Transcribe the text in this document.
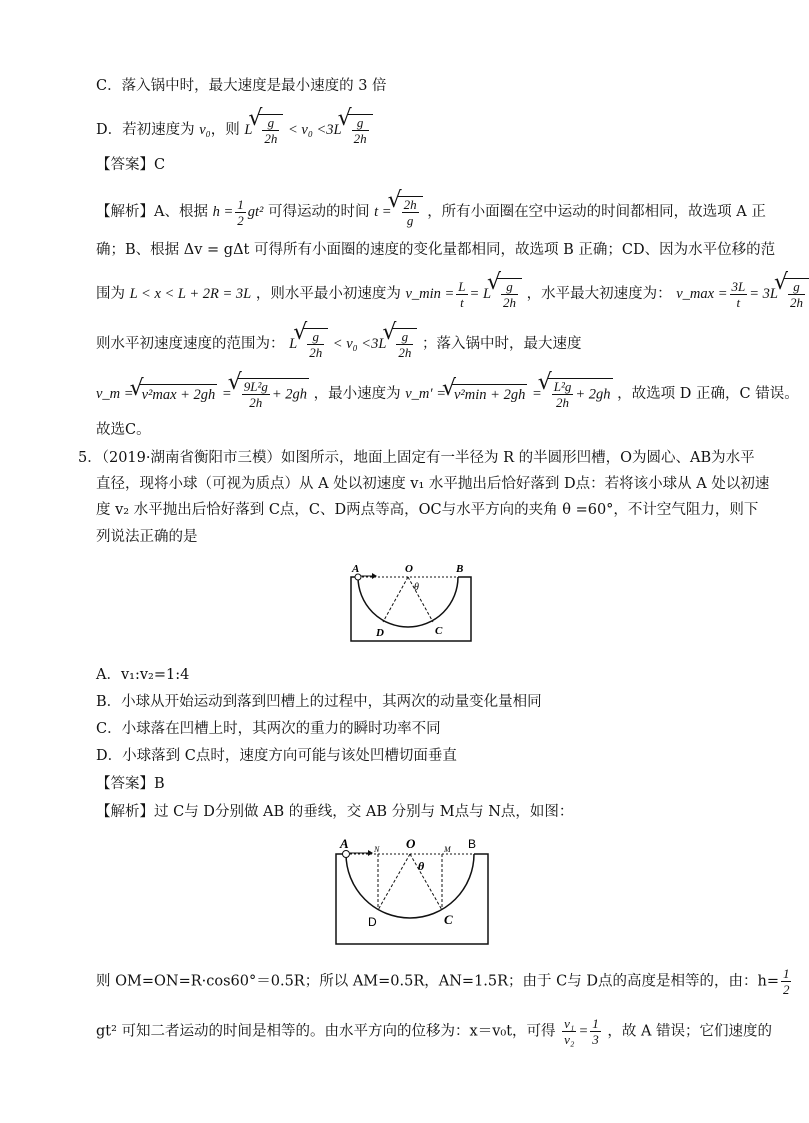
C．落入锅中时，最大速度是最小速度的 3 倍
D．若初速度为 v₀，则 L √ $\frac{g}{2h} < v_0 <3L$ √ $\frac{g}{2h}$
【答案】C
【解析】A、根据 $h = \frac{1}{2} gt^2$ 可得运动的时间 t = √ $\frac{2h}{g}$ ，所有小面圈在空中运动的时间都相同，故选项 A 正
确；B、根据 Δv = gΔt 可得所有小面圈的速度的变化量都相同，故选项 B 正确；CD、因为水平位移的范
围为 L < x < L + 2R = 3L ，则水平最小初速度为 v_min = $\frac{L}{t} = L$ √ $\frac{g}{2h}$ ，水平最大初速度为： v_max = $\frac{3L}{t} = 3L$ √ $\frac{g}{2h}$
则水平初速度速度的范围为： L √ $\frac{g}{2h} < v_0 <3L$ √ $\frac{g}{2h}$ ；落入锅中时，最大速度
v_m = √ v²max + 2gh = √ $\frac{\text{9L²g}}{2h} + 2gh$ ，最小速度为 v_m′ = √ v²min + 2gh = √ $\frac{\text{L²g}}{2h} + 2gh$ ，故选项 D 正确，C 错误。
故选C。
5．（2019·湖南省衡阳市三模）如图所示，地面上固定有一半径为 R 的半圆形凹槽，O为圆心、AB为水平
直径，现将小球（可视为质点）从 A 处以初速度 v₁ 水平抛出后恰好落到 D点：若将该小球从 A 处以初速
度 v₂ 水平抛出后恰好落到 C点，C、D两点等高，OC与水平方向的夹角 θ =60°，不计空气阻力，则下
列说法正确的是
A	O
θ
B
D	C
A．v₁:v₂=1:4
B．小球从开始运动到落到凹槽上的过程中，其两次的动量变化量相同
C．小球落在凹槽上时，其两次的重力的瞬时功率不同
D．小球落到 C点时，速度方向可能与该处凹槽切面垂直
【答案】B
【解析】过 C与 D分别做 AB 的垂线，交 AB 分别与 M点与 N点，如图：
A	N O
θ
M B
D	C
则 OM=ON=R·cos60°＝0.5R；所以 AM=0.5R，AN=1.5R；由于 C与 D点的高度是相等的，由：$h= \frac{1}{2}$
gt² 可知二者运动的时间是相等的。由水平方向的位移为：x＝v₀t，可得 $\frac{\text{v₁}}{\text{v₂}} = \frac{1}{3}$ ，故 A 错误；它们速度的
